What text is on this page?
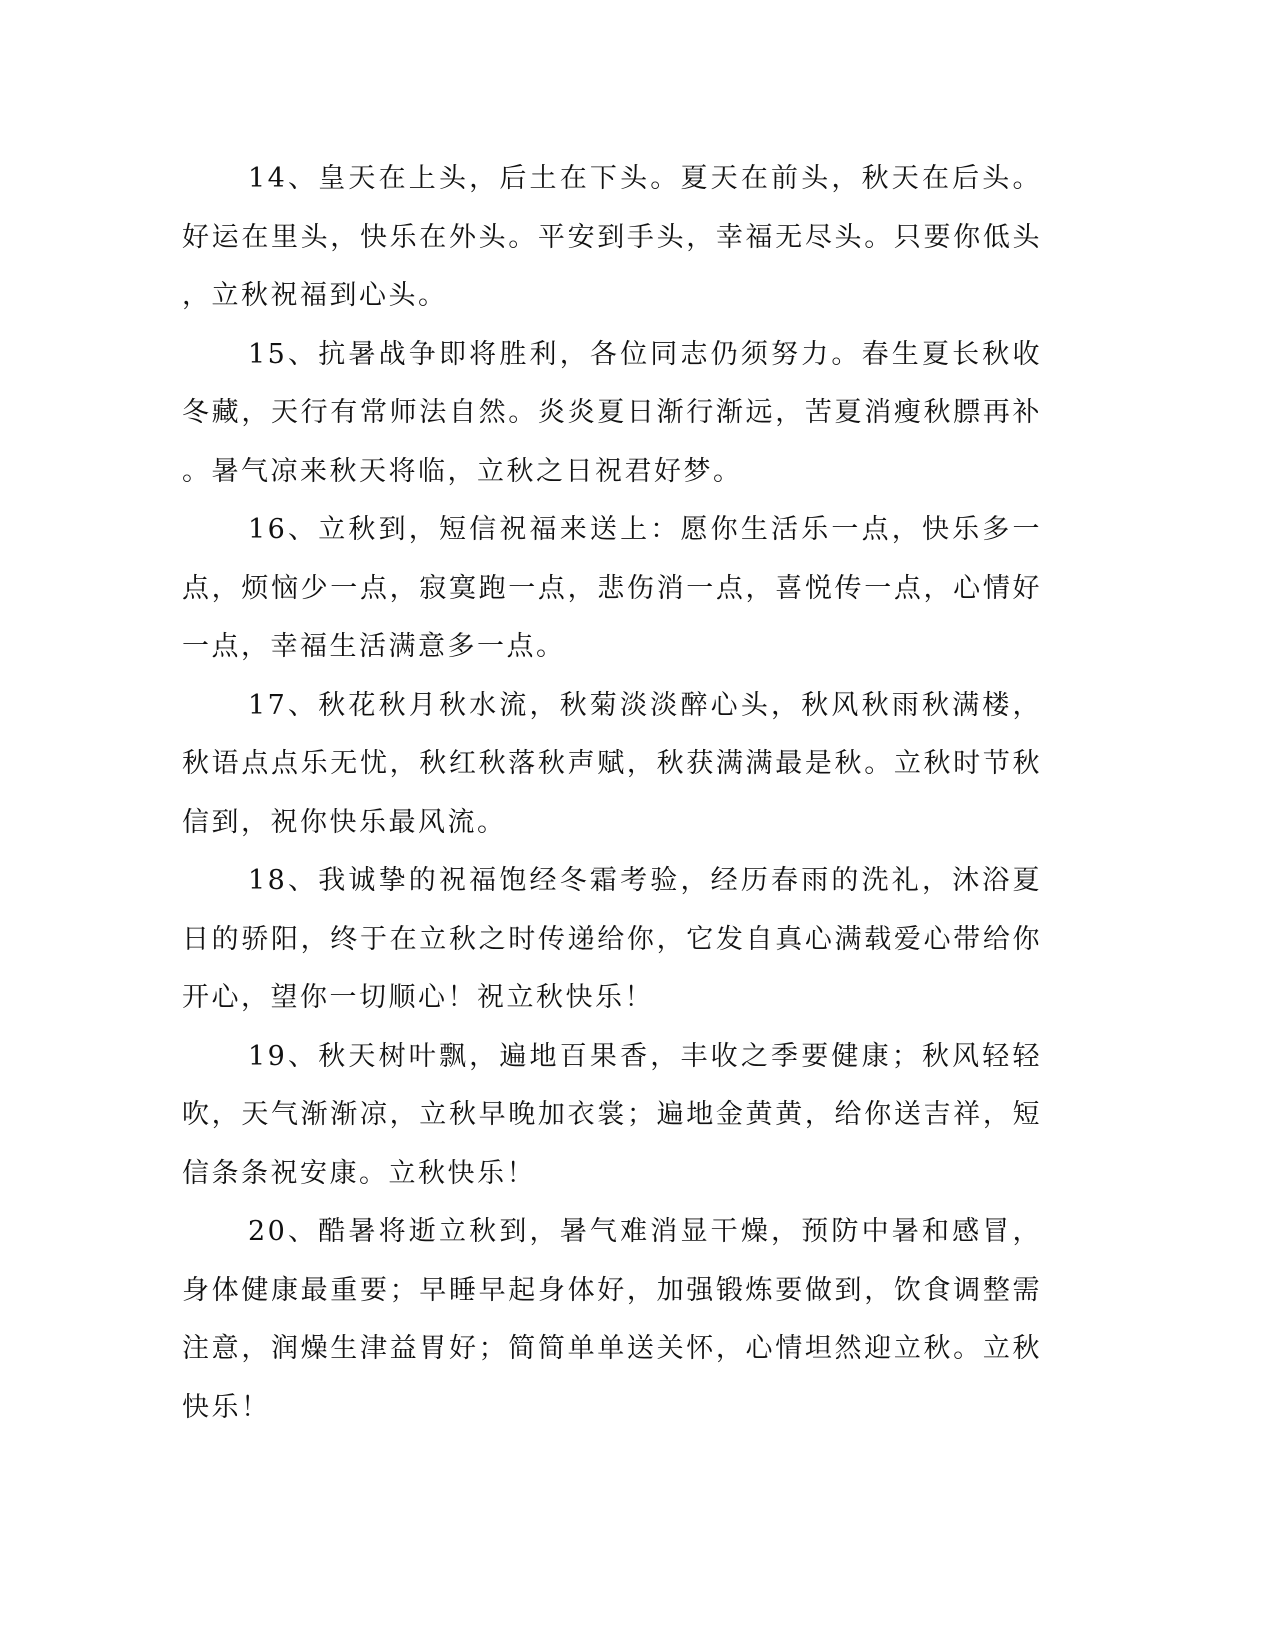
14、皇天在上头，后土在下头。夏天在前头，秋天在后头。好运在里头，快乐在外头。平安到手头，幸福无尽头。只要你低头，立秋祝福到心头。

15、抗暑战争即将胜利，各位同志仍须努力。春生夏长秋收冬藏，天行有常师法自然。炎炎夏日渐行渐远，苦夏消瘦秋膘再补。暑气凉来秋天将临，立秋之日祝君好梦。

16、立秋到，短信祝福来送上：愿你生活乐一点，快乐多一点，烦恼少一点，寂寞跑一点，悲伤消一点，喜悦传一点，心情好一点，幸福生活满意多一点。

17、秋花秋月秋水流，秋菊淡淡醉心头，秋风秋雨秋满楼，秋语点点乐无忧，秋红秋落秋声赋，秋获满满最是秋。立秋时节秋信到，祝你快乐最风流。

18、我诚挚的祝福饱经冬霜考验，经历春雨的洗礼，沐浴夏日的骄阳，终于在立秋之时传递给你，它发自真心满载爱心带给你开心，望你一切顺心！祝立秋快乐！

19、秋天树叶飘，遍地百果香，丰收之季要健康；秋风轻轻吹，天气渐渐凉，立秋早晚加衣裳；遍地金黄黄，给你送吉祥，短信条条祝安康。立秋快乐！

20、酷暑将逝立秋到，暑气难消显干燥，预防中暑和感冒，身体健康最重要；早睡早起身体好，加强锻炼要做到，饮食调整需注意，润燥生津益胃好；简简单单送关怀，心情坦然迎立秋。立秋快乐！
